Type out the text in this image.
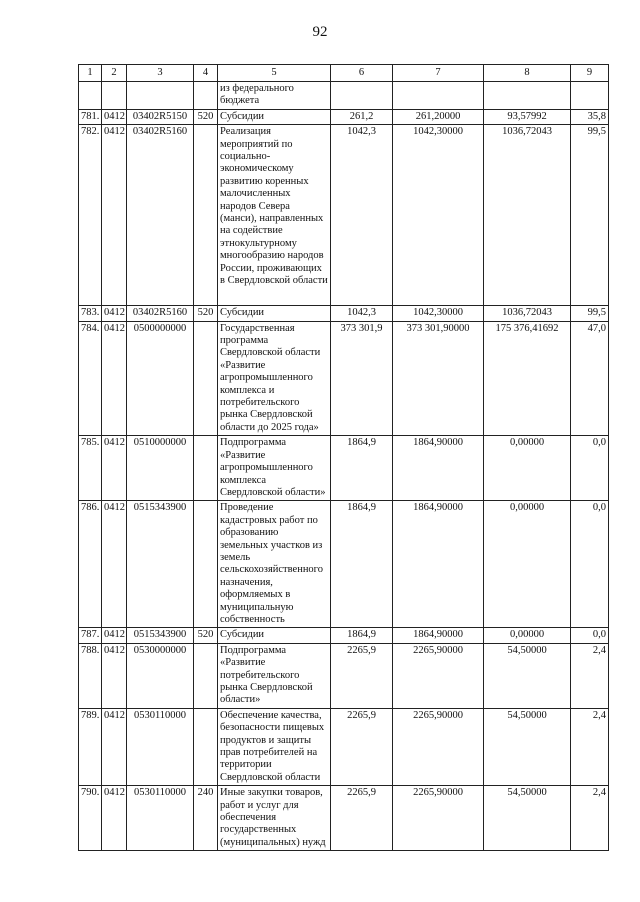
92
1	2	3	4	5	6	7	8	9
				из федерального бюджета				
781.	0412	03402R5150	520	Субсидии	261,2	261,20000	93,57992	35,8
782.	0412	03402R5160		Реализация мероприятий по социально-экономическому развитию коренных малочисленных народов Севера (манси), направленных на содействие этнокультурному многообразию народов России, проживающих в Свердловской области	1042,3	1042,30000	1036,72043	99,5
783.	0412	03402R5160	520	Субсидии	1042,3	1042,30000	1036,72043	99,5
784.	0412	0500000000		Государственная программа Свердловской области «Развитие агропромышленного комплекса и потребительского рынка Свердловской области до 2025 года»	373 301,9	373 301,90000	175 376,41692	47,0
785.	0412	0510000000		Подпрограмма «Развитие агропромышленного комплекса Свердловской области»	1864,9	1864,90000	0,00000	0,0
786.	0412	0515343900		Проведение кадастровых работ по образованию земельных участков из земель сельскохозяйственного назначения, оформляемых в муниципальную собственность	1864,9	1864,90000	0,00000	0,0
787.	0412	0515343900	520	Субсидии	1864,9	1864,90000	0,00000	0,0
788.	0412	0530000000		Подпрограмма «Развитие потребительского рынка Свердловской области»	2265,9	2265,90000	54,50000	2,4
789.	0412	0530110000		Обеспечение качества, безопасности пищевых продуктов и защиты прав потребителей на территории Свердловской области	2265,9	2265,90000	54,50000	2,4
790.	0412	0530110000	240	Иные закупки товаров, работ и услуг для обеспечения государственных (муниципальных) нужд	2265,9	2265,90000	54,50000	2,4
